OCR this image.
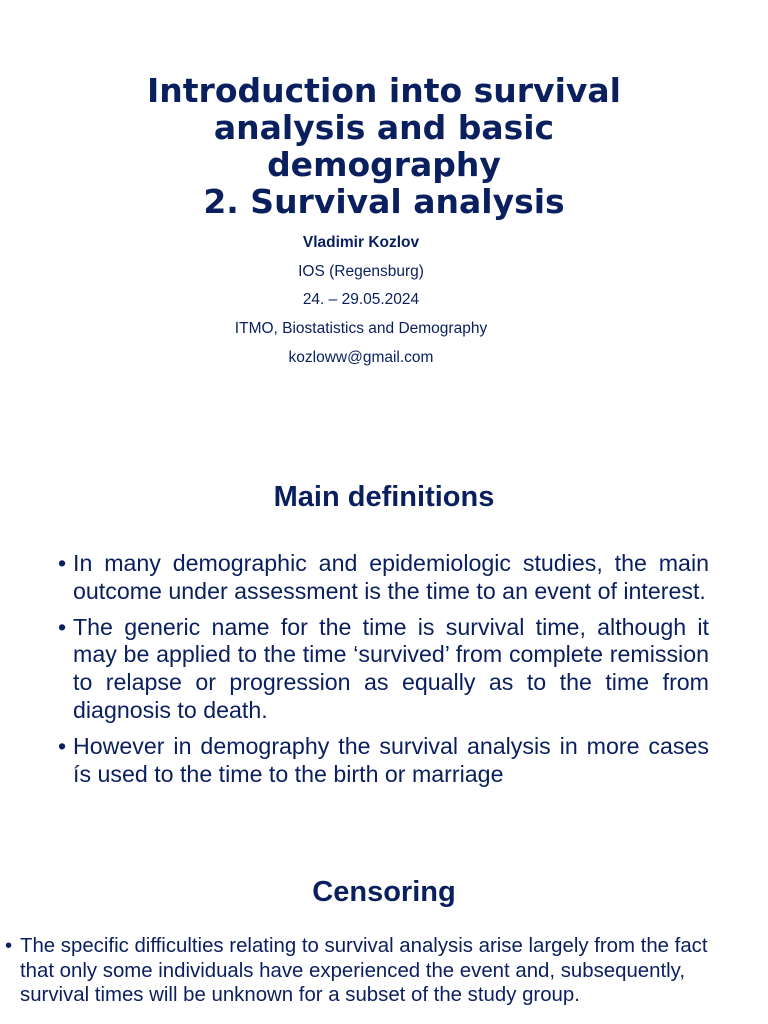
Introduction into survival
analysis and basic
demography
2. Survival analysis
Vladimir Kozlov
IOS (Regensburg)
24. – 29.05.2024
ITMO, Biostatistics and Demography
kozloww@gmail.com
Main definitions
• In many demographic and epidemiologic studies, the main outcome under assessment is the time to an event of interest.
• The generic name for the time is survival time, although it may be applied to the time ‘survived’ from complete remission to relapse or progression as equally as to the time from diagnosis to death.
• However in demography the survival analysis in more cases ís used to the time to the birth or marriage
Censoring
• The specific difficulties relating to survival analysis arise largely from the fact that only some individuals have experienced the event and, subsequently, survival times will be unknown for a subset of the study group.
